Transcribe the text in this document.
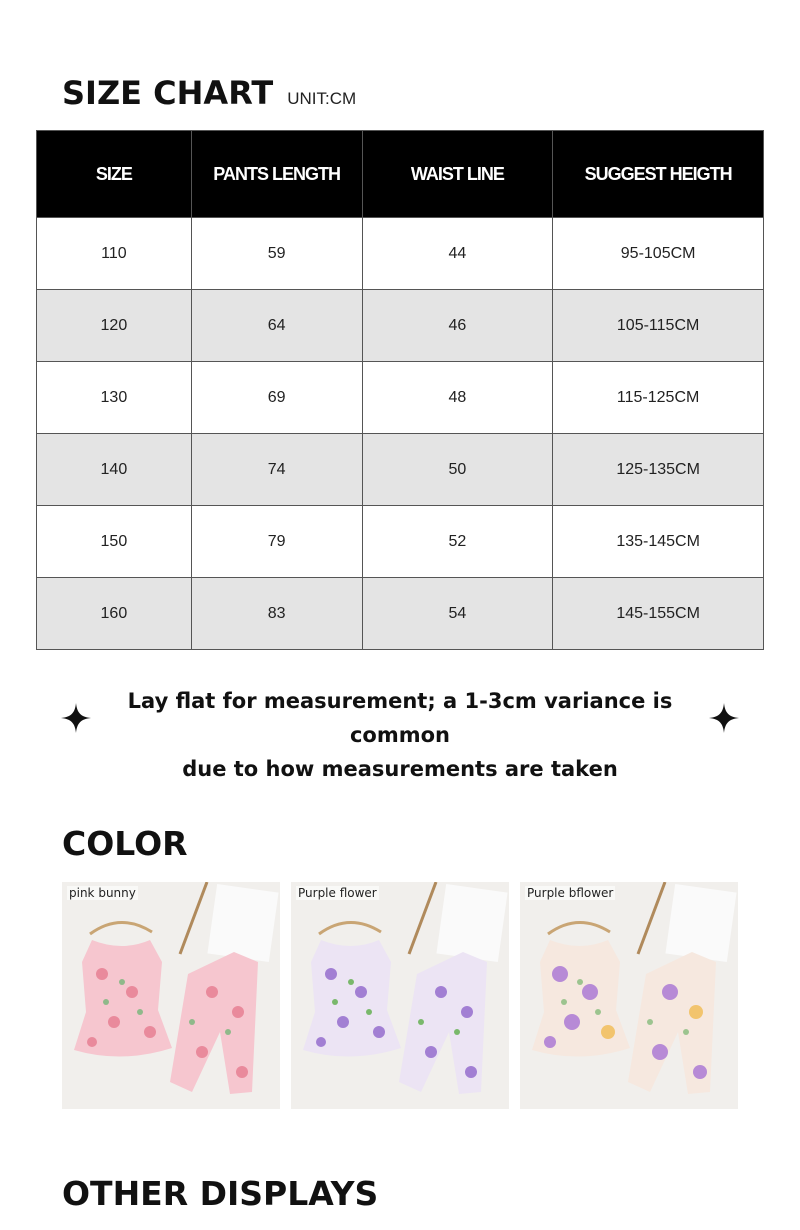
SIZE CHART UNIT:CM
SIZE	PANTS LENGTH	WAIST LINE	SUGGEST HEIGTH
110	59	44	95-105CM
120	64	46	105-115CM
130	69	48	115-125CM
140	74	50	125-135CM
150	79	52	135-145CM
160	83	54	145-155CM
Lay flat for measurement; a 1-3cm variance is common
due to how measurements are taken
COLOR
pink bunny	Purple flower	Purple bflower
OTHER DISPLAYS
